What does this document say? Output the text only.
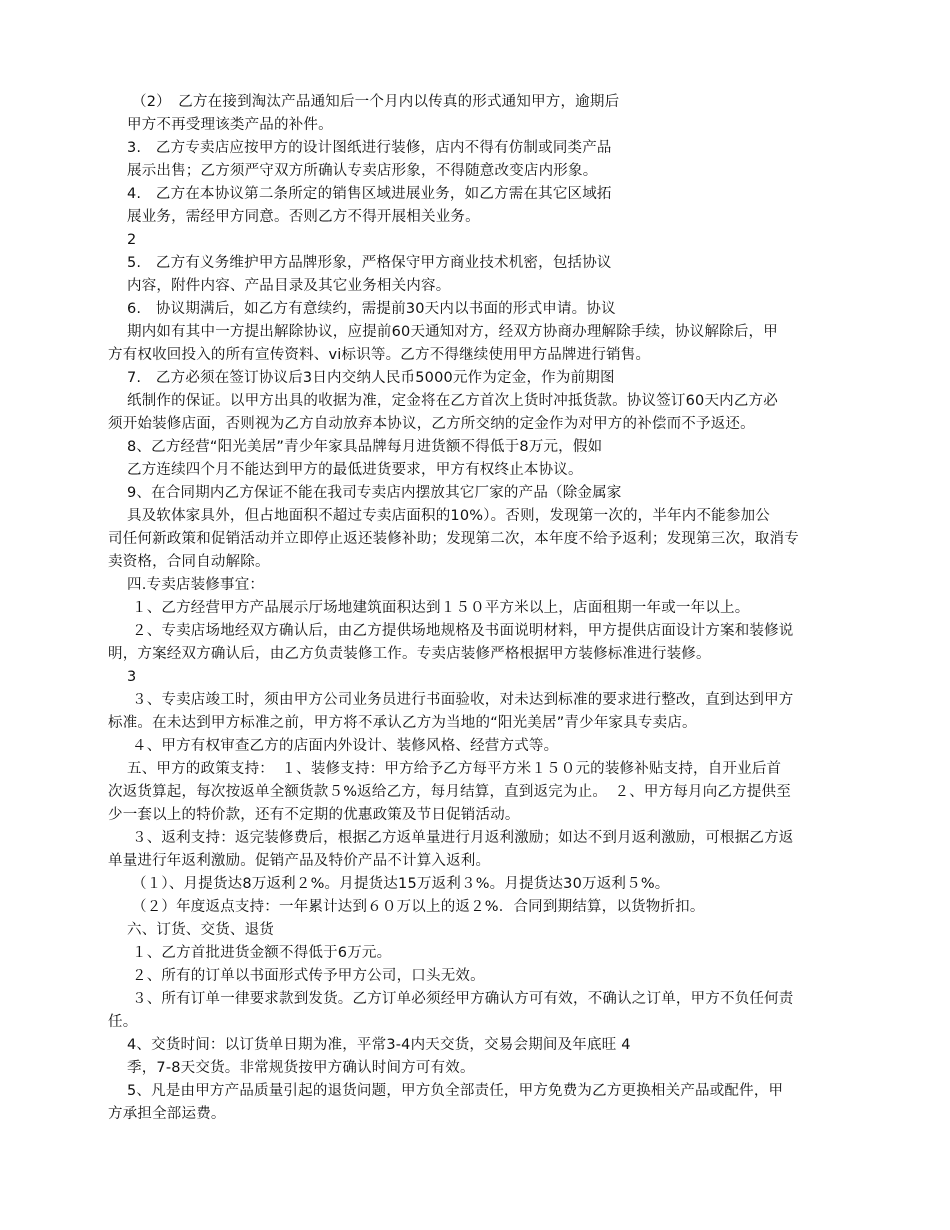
（2）　乙方在接到淘汰产品通知后一个月内以传真的形式通知甲方，逾期后

甲方不再受理该类产品的补件。

3.　乙方专卖店应按甲方的设计图纸进行装修，店内不得有仿制或同类产品

展示出售；乙方须严守双方所确认专卖店形象，不得随意改变店内形象。

4.　乙方在本协议第二条所定的销售区域进展业务，如乙方需在其它区域拓

展业务，需经甲方同意。否则乙方不得开展相关业务。

2

5.　乙方有义务维护甲方品牌形象，严格保守甲方商业技术机密，包括协议

内容，附件内容、产品目录及其它业务相关内容。

6.　协议期满后，如乙方有意续约，需提前30天内以书面的形式申请。协议

期内如有其中一方提出解除协议，应提前60天通知对方，经双方协商办理解除手续，协议解除后，甲

方有权收回投入的所有宣传资料、vi标识等。乙方不得继续使用甲方品牌进行销售。

7.　乙方必须在签订协议后3日内交纳人民币5000元作为定金，作为前期图

纸制作的保证。以甲方出具的收据为准，定金将在乙方首次上货时冲抵货款。协议签订60天内乙方必

须开始装修店面，否则视为乙方自动放弃本协议，乙方所交纳的定金作为对甲方的补偿而不予返还。

8、乙方经营“阳光美居”青少年家具品牌每月进货额不得低于8万元，假如

乙方连续四个月不能达到甲方的最低进货要求，甲方有权终止本协议。

9、在合同期内乙方保证不能在我司专卖店内摆放其它厂家的产品（除金属家

具及软体家具外，但占地面积不超过专卖店面积的10%）。否则，发现第一次的，半年内不能参加公

司任何新政策和促销活动并立即停止返还装修补助；发现第二次，本年度不给予返利；发现第三次，取消专

卖资格，合同自动解除。

四.专卖店装修事宜：

１、乙方经营甲方产品展示厅场地建筑面积达到１５０平方米以上，店面租期一年或一年以上。

２、专卖店场地经双方确认后，由乙方提供场地规格及书面说明材料，甲方提供店面设计方案和装修说

明，方案经双方确认后，由乙方负责装修工作。专卖店装修严格根据甲方装修标准进行装修。

3

３、专卖店竣工时，须由甲方公司业务员进行书面验收，对未达到标准的要求进行整改，直到达到甲方

标准。在未达到甲方标准之前，甲方将不承认乙方为当地的“阳光美居”青少年家具专卖店。

４、甲方有权审查乙方的店面内外设计、装修风格、经营方式等。

五、甲方的政策支持：　１、装修支持：甲方给予乙方每平方米１５０元的装修补贴支持，自开业后首

次返货算起，每次按返单全额货款５%返给乙方，每月结算，直到返完为止。　２、甲方每月向乙方提供至

少一套以上的特价款，还有不定期的优惠政策及节日促销活动。

３、返利支持：返完装修费后，根据乙方返单量进行月返利激励；如达不到月返利激励，可根据乙方返

单量进行年返利激励。促销产品及特价产品不计算入返利。

（１）、月提货达8万返利２%。月提货达15万返利３%。月提货达30万返利５%。

（２）年度返点支持：一年累计达到６０万以上的返２%．合同到期结算，以货物折扣。

六、订货、交货、退货

１、乙方首批进货金额不得低于6万元。

２、所有的订单以书面形式传予甲方公司，口头无效。

３、所有订单一律要求款到发货。乙方订单必须经甲方确认方可有效，不确认之订单，甲方不负任何责

任。

4、交货时间：以订货单日期为准，平常3-4内天交货，交易会期间及年底旺 4

季，7-8天交货。非常规货按甲方确认时间方可有效。

5、凡是由甲方产品质量引起的退货问题，甲方负全部责任，甲方免费为乙方更换相关产品或配件，甲

方承担全部运费。
